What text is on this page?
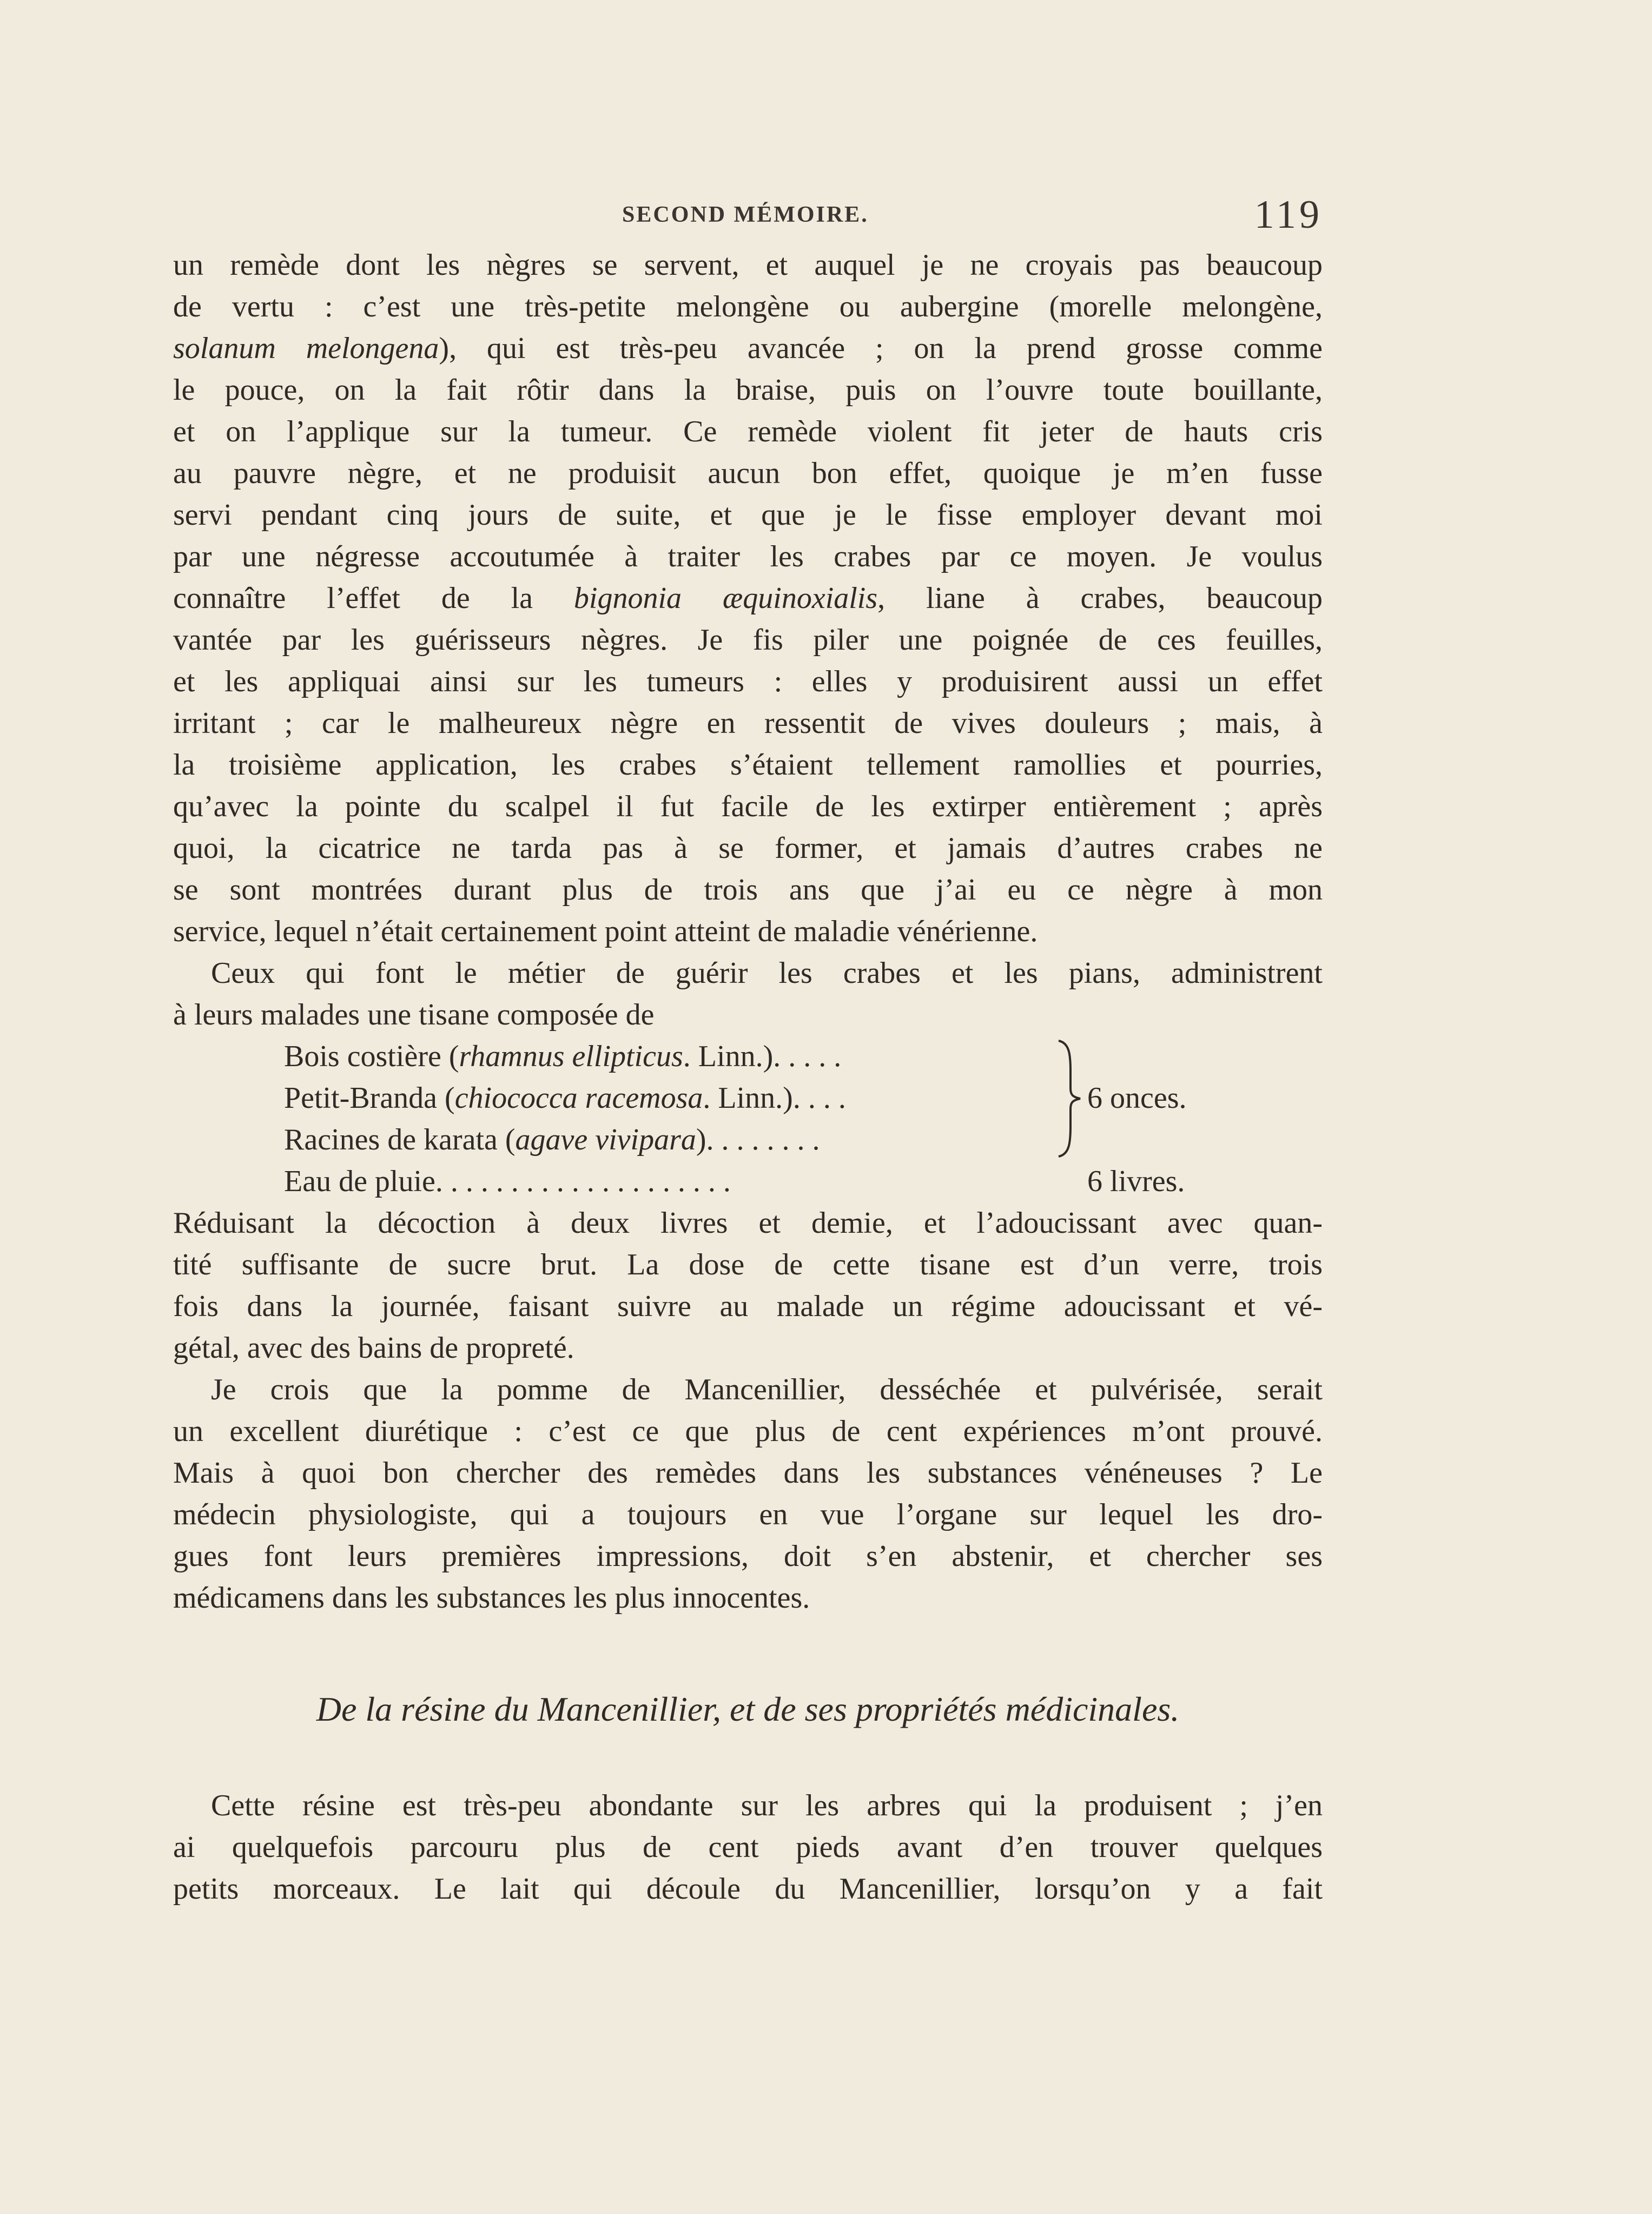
SECOND MÉMOIRE.	119
un remède dont les nègres se servent, et auquel je ne croyais pas beaucoup
de vertu : c’est une très-petite melongène ou aubergine (morelle melongène,
solanum melongena), qui est très-peu avancée ; on la prend grosse comme
le pouce, on la fait rôtir dans la braise, puis on l’ouvre toute bouillante,
et on l’applique sur la tumeur. Ce remède violent fit jeter de hauts cris
au pauvre nègre, et ne produisit aucun bon effet, quoique je m’en fusse
servi pendant cinq jours de suite, et que je le fisse employer devant moi
par une négresse accoutumée à traiter les crabes par ce moyen. Je voulus
connaître l’effet de la bignonia æquinoxialis, liane à crabes, beaucoup
vantée par les guérisseurs nègres. Je fis piler une poignée de ces feuilles,
et les appliquai ainsi sur les tumeurs : elles y produisirent aussi un effet
irritant ; car le malheureux nègre en ressentit de vives douleurs ; mais, à
la troisième application, les crabes s’étaient tellement ramollies et pourries,
qu’avec la pointe du scalpel il fut facile de les extirper entièrement ; après
quoi, la cicatrice ne tarda pas à se former, et jamais d’autres crabes ne
se sont montrées durant plus de trois ans que j’ai eu ce nègre à mon
service, lequel n’était certainement point atteint de maladie vénérienne.
Ceux qui font le métier de guérir les crabes et les pians, administrent
à leurs malades une tisane composée de
Bois costière (rhamnus ellipticus. Linn.). . . . .
Petit-Branda (chiococca racemosa. Linn.). . . .
Racines de karata (agave vivipara). . . . . . . .
Eau de pluie. . . . . . . . . . . . . . . . . . . .	6 livres.
6 onces.
Réduisant la décoction à deux livres et demie, et l’adoucissant avec quan-
tité suffisante de sucre brut. La dose de cette tisane est d’un verre, trois
fois dans la journée, faisant suivre au malade un régime adoucissant et vé-
gétal, avec des bains de propreté.
Je crois que la pomme de Mancenillier, desséchée et pulvérisée, serait
un excellent diurétique : c’est ce que plus de cent expériences m’ont prouvé.
Mais à quoi bon chercher des remèdes dans les substances vénéneuses ? Le
médecin physiologiste, qui a toujours en vue l’organe sur lequel les dro-
gues font leurs premières impressions, doit s’en abstenir, et chercher ses
médicamens dans les substances les plus innocentes.
De la résine du Mancenillier, et de ses propriétés médicinales.
Cette résine est très-peu abondante sur les arbres qui la produisent ; j’en
ai quelquefois parcouru plus de cent pieds avant d’en trouver quelques
petits morceaux. Le lait qui découle du Mancenillier, lorsqu’on y a fait
